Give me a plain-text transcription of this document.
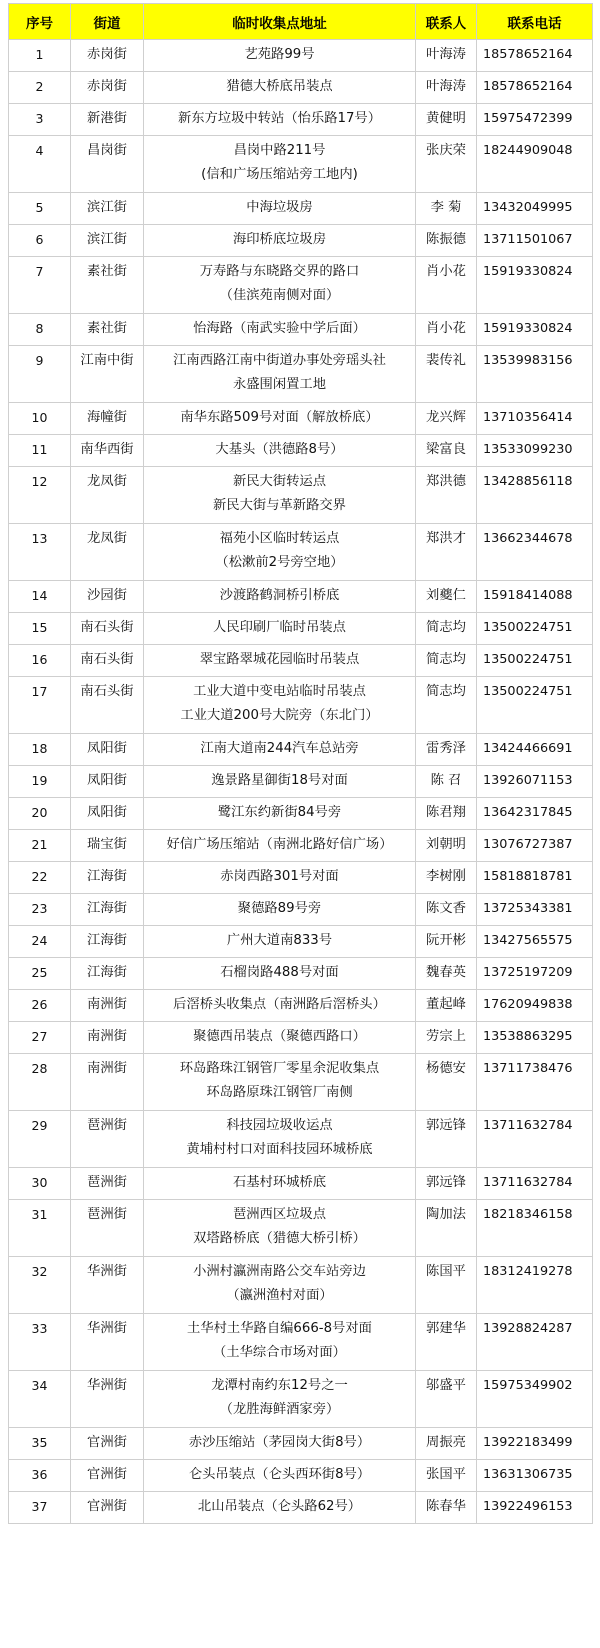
序号	街道	临时收集点地址	联系人	联系电话
1	赤岗街	艺苑路99号	叶海涛	18578652164
2	赤岗街	猎德大桥底吊装点	叶海涛	18578652164
3	新港街	新东方垃圾中转站（怡乐路17号）	黄健明	15975472399
4	昌岗街	昌岗中路211号
(信和广场压缩站旁工地内)	张庆荣	18244909048
5	滨江街	中海垃圾房	李 菊	13432049995
6	滨江街	海印桥底垃圾房	陈振德	13711501067
7	素社街	万寿路与东晓路交界的路口
（佳滨苑南侧对面）	肖小花	15919330824
8	素社街	怡海路（南武实验中学后面）	肖小花	15919330824
9	江南中街	江南西路江南中街道办事处旁瑶头社
永盛围闲置工地	裴传礼	13539983156
10	海幢街	南华东路509号对面（解放桥底）	龙兴辉	13710356414
11	南华西街	大基头（洪德路8号）	梁富良	13533099230
12	龙凤街	新民大街转运点
新民大街与革新路交界	郑洪德	13428856118
13	龙凤街	福苑小区临时转运点
（松漱前2号旁空地）	郑洪才	13662344678
14	沙园街	沙渡路鹤洞桥引桥底	刘夔仁	15918414088
15	南石头街	人民印刷厂临时吊装点	简志均	13500224751
16	南石头街	翠宝路翠城花园临时吊装点	简志均	13500224751
17	南石头街	工业大道中变电站临时吊装点
工业大道200号大院旁（东北门）	简志均	13500224751
18	凤阳街	江南大道南244汽车总站旁	雷秀泽	13424466691
19	凤阳街	逸景路星御街18号对面	陈 召	13926071153
20	凤阳街	鹭江东约新街84号旁	陈君翔	13642317845
21	瑞宝街	好信广场压缩站（南洲北路好信广场）	刘朝明	13076727387
22	江海街	赤岗西路301号对面	李树刚	15818818781
23	江海街	聚德路89号旁	陈文香	13725343381
24	江海街	广州大道南833号	阮开彬	13427565575
25	江海街	石榴岗路488号对面	魏春英	13725197209
26	南洲街	后滘桥头收集点（南洲路后滘桥头）	董起峰	17620949838
27	南洲街	聚德西吊装点（聚德西路口）	劳宗上	13538863295
28	南洲街	环岛路珠江钢管厂零星余泥收集点
环岛路原珠江钢管厂南侧	杨德安	13711738476
29	琶洲街	科技园垃圾收运点
黄埔村村口对面科技园环城桥底	郭远锋	13711632784
30	琶洲街	石基村环城桥底	郭远锋	13711632784
31	琶洲街	琶洲西区垃圾点
双塔路桥底（猎德大桥引桥）	陶加法	18218346158
32	华洲街	小洲村瀛洲南路公交车站旁边
（瀛洲渔村对面）	陈国平	18312419278
33	华洲街	土华村土华路自编666-8号对面
（土华综合市场对面）	郭建华	13928824287
34	华洲街	龙潭村南约东12号之一
（龙胜海鲜酒家旁）	邬盛平	15975349902
35	官洲街	赤沙压缩站（茅园岗大街8号）	周振亮	13922183499
36	官洲街	仑头吊装点（仑头西环街8号）	张国平	13631306735
37	官洲街	北山吊装点（仑头路62号）	陈春华	13922496153
